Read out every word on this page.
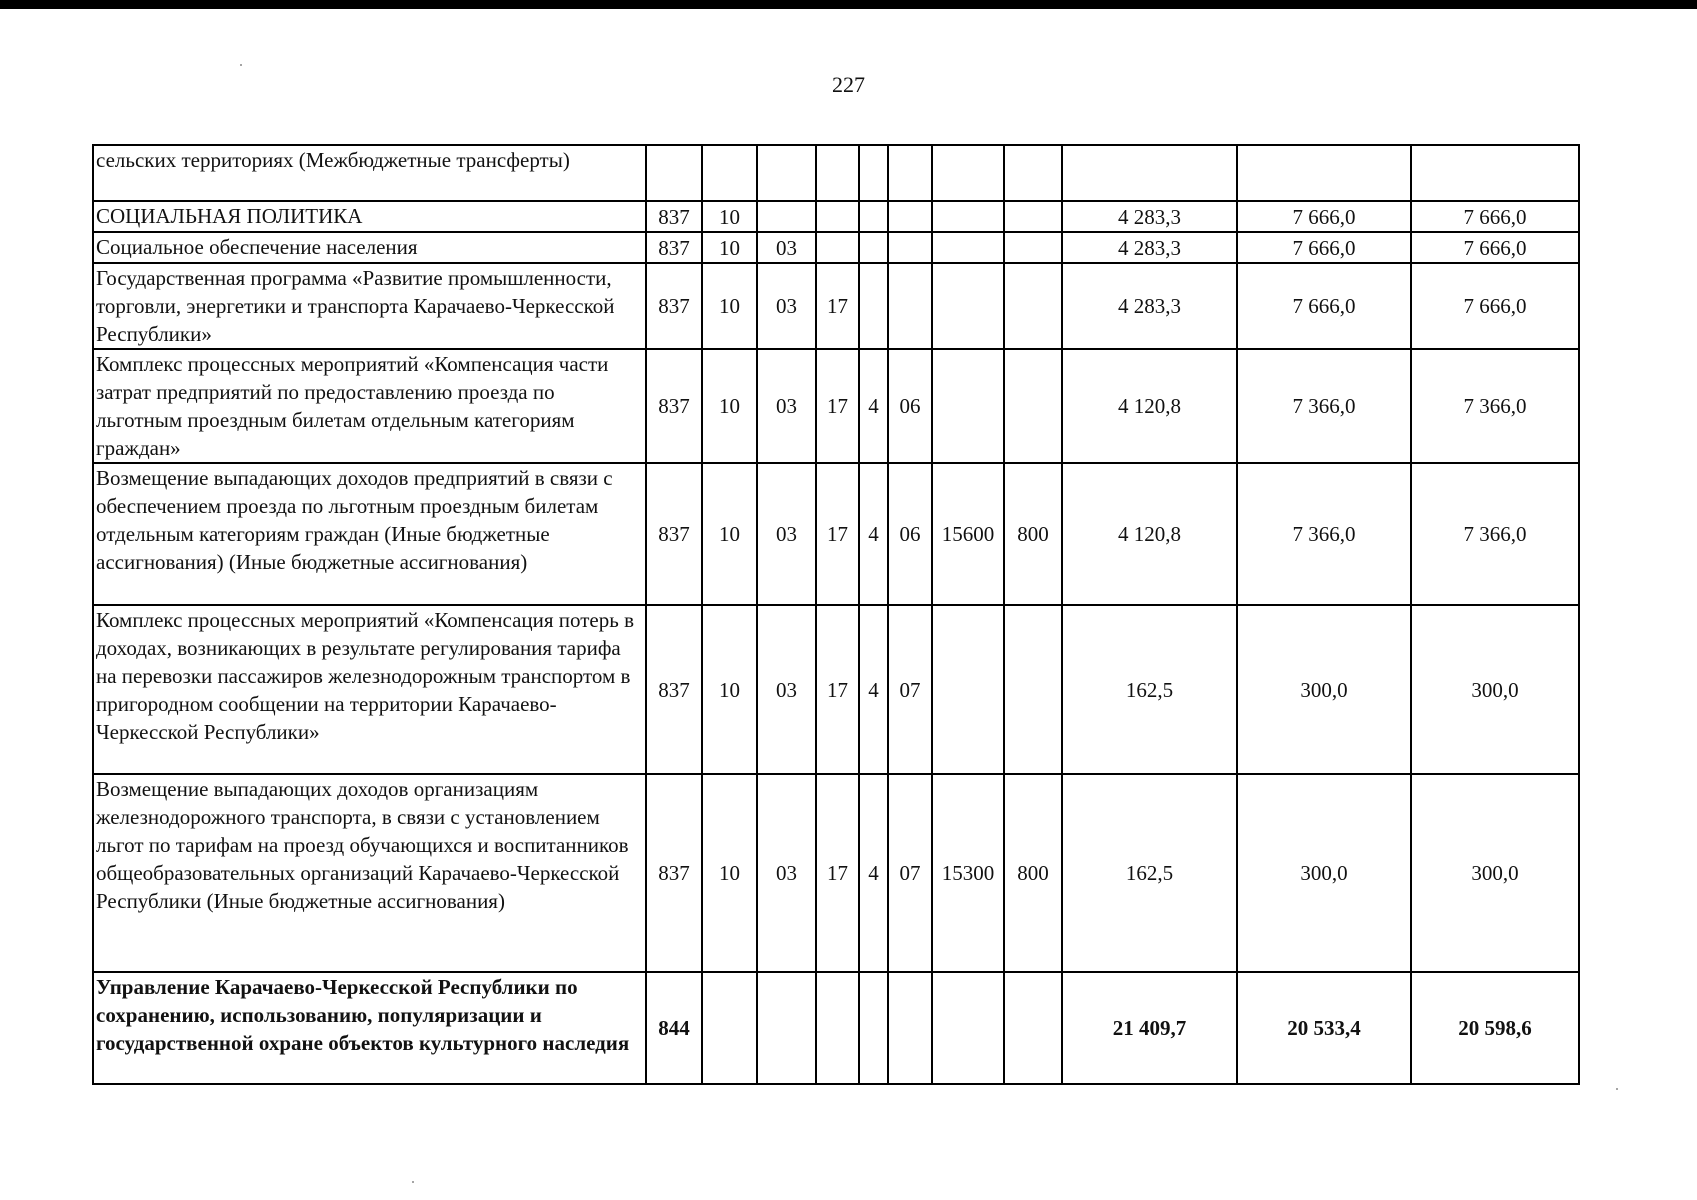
227
сельских территориях (Межбюджетные трансферты)											
СОЦИАЛЬНАЯ ПОЛИТИКА	837	10							4 283,3	7 666,0	7 666,0
Социальное обеспечение населения	837	10	03						4 283,3	7 666,0	7 666,0
Государственная программа «Развитие промышленности, торговли, энергетики и транспорта Карачаево-Черкесской Республики»	837	10	03	17					4 283,3	7 666,0	7 666,0
Комплекс процессных мероприятий «Компенсация части затрат предприятий по предоставлению проезда по льготным проездным билетам отдельным категориям граждан»	837	10	03	17	4	06			4 120,8	7 366,0	7 366,0
Возмещение выпадающих доходов предприятий в связи с обеспечением проезда по льготным проездным билетам отдельным категориям граждан (Иные бюджетные ассигнования) (Иные бюджетные ассигнования)	837	10	03	17	4	06	15600	800	4 120,8	7 366,0	7 366,0
Комплекс процессных мероприятий «Компенсация потерь в доходах, возникающих в результате регулирования тарифа на перевозки пассажиров железнодорожным транспортом в пригородном сообщении на территории Карачаево-Черкесской Республики»	837	10	03	17	4	07			162,5	300,0	300,0
Возмещение выпадающих доходов организациям железнодорожного транспорта, в связи с установлением льгот по тарифам на проезд обучающихся и воспитанников общеобразовательных организаций Карачаево-Черкесской Республики (Иные бюджетные ассигнования)	837	10	03	17	4	07	15300	800	162,5	300,0	300,0
Управление Карачаево-Черкесской Республики по сохранению, использованию, популяризации и государственной охране объектов культурного наследия	844								21 409,7	20 533,4	20 598,6
